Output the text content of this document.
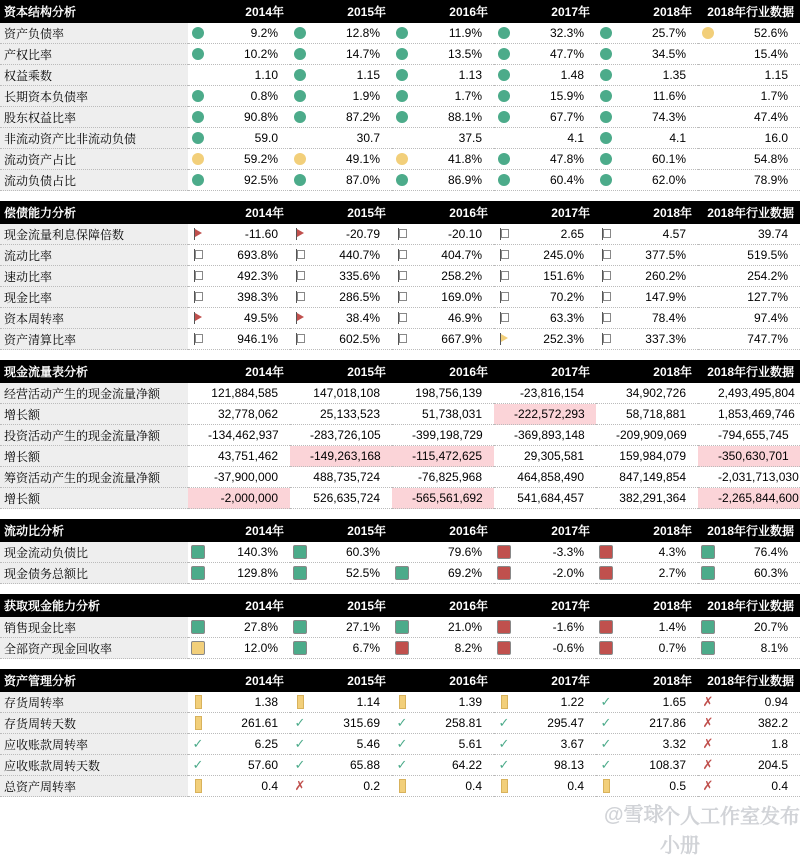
资本结构分析	2014年	2015年	2016年	2017年	2018年	2018年行业数据
资产负债率	9.2%	12.8%	11.9%	32.3%	25.7%	52.6%

产权比率	10.2%	14.7%	13.5%	47.7%	34.5%	15.4%

权益乘数	1.10	1.15	1.13	1.48	1.35	1.15

长期资本负债率	0.8%	1.9%	1.7%	15.9%	11.6%	1.7%

股东权益比率	90.8%	87.2%	88.1%	67.7%	74.3%	47.4%

非流动资产比非流动负债	59.0	30.7	37.5	4.1	4.1	16.0

流动资产占比	59.2%	49.1%	41.8%	47.8%	60.1%	54.8%

流动负债占比	92.5%	87.0%	86.9%	60.4%	62.0%	78.9%
偿债能力分析	2014年	2015年	2016年	2017年	2018年	2018年行业数据
现金流量利息保障倍数	-11.60	-20.79	-20.10	2.65	4.57	39.74

流动比率	693.8%	440.7%	404.7%	245.0%	377.5%	519.5%

速动比率	492.3%	335.6%	258.2%	151.6%	260.2%	254.2%

现金比率	398.3%	286.5%	169.0%	70.2%	147.9%	127.7%

资本周转率	49.5%	38.4%	46.9%	63.3%	78.4%	97.4%

资产清算比率	946.1%	602.5%	667.9%	252.3%	337.3%	747.7%
现金流量表分析	2014年	2015年	2016年	2017年	2018年	2018年行业数据
经营活动产生的现金流量净额	121,884,585	147,018,108	198,756,139	-23,816,154	34,902,726	2,493,495,804

增长额	32,778,062	25,133,523	51,738,031	-222,572,293	58,718,881	1,853,469,746

投资活动产生的现金流量净额	-134,462,937	-283,726,105	-399,198,729	-369,893,148	-209,909,069	-794,655,745

增长额	43,751,462	-149,263,168	-115,472,625	29,305,581	159,984,079	-350,630,701

筹资活动产生的现金流量净额	-37,900,000	488,735,724	-76,825,968	464,858,490	847,149,854	-2,031,713,030

增长额	-2,000,000	526,635,724	-565,561,692	541,684,457	382,291,364	-2,265,844,600
流动比分析	2014年	2015年	2016年	2017年	2018年	2018年行业数据
现金流动负债比	140.3%	60.3%	79.6%	-3.3%	4.3%	76.4%

现金债务总额比	129.8%	52.5%	69.2%	-2.0%	2.7%	60.3%
获取现金能力分析	2014年	2015年	2016年	2017年	2018年	2018年行业数据
销售现金比率	27.8%	27.1%	21.0%	-1.6%	1.4%	20.7%

全部资产现金回收率	12.0%	6.7%	8.2%	-0.6%	0.7%	8.1%
资产管理分析	2014年	2015年	2016年	2017年	2018年	2018年行业数据
存货周转率	1.38	1.14	1.39	1.22	✓ 1.65	✗ 0.94

存货周转天数	261.61	✓ 315.69	✓ 258.81	✓ 295.47	✓ 217.86	✗ 382.2

应收账款周转率	✓ 6.25	✓ 5.46	✓ 5.61	✓ 3.67	✓ 3.32	✗ 1.8

应收账款周转天数	✓ 57.60	✓ 65.88	✓ 64.22	✓ 98.13	✓ 108.37	✗ 204.5

总资产周转率	0.4	✗ 0.2	0.4	0.4	0.5	✗ 0.4
@雪球
个人工作室发布小册
